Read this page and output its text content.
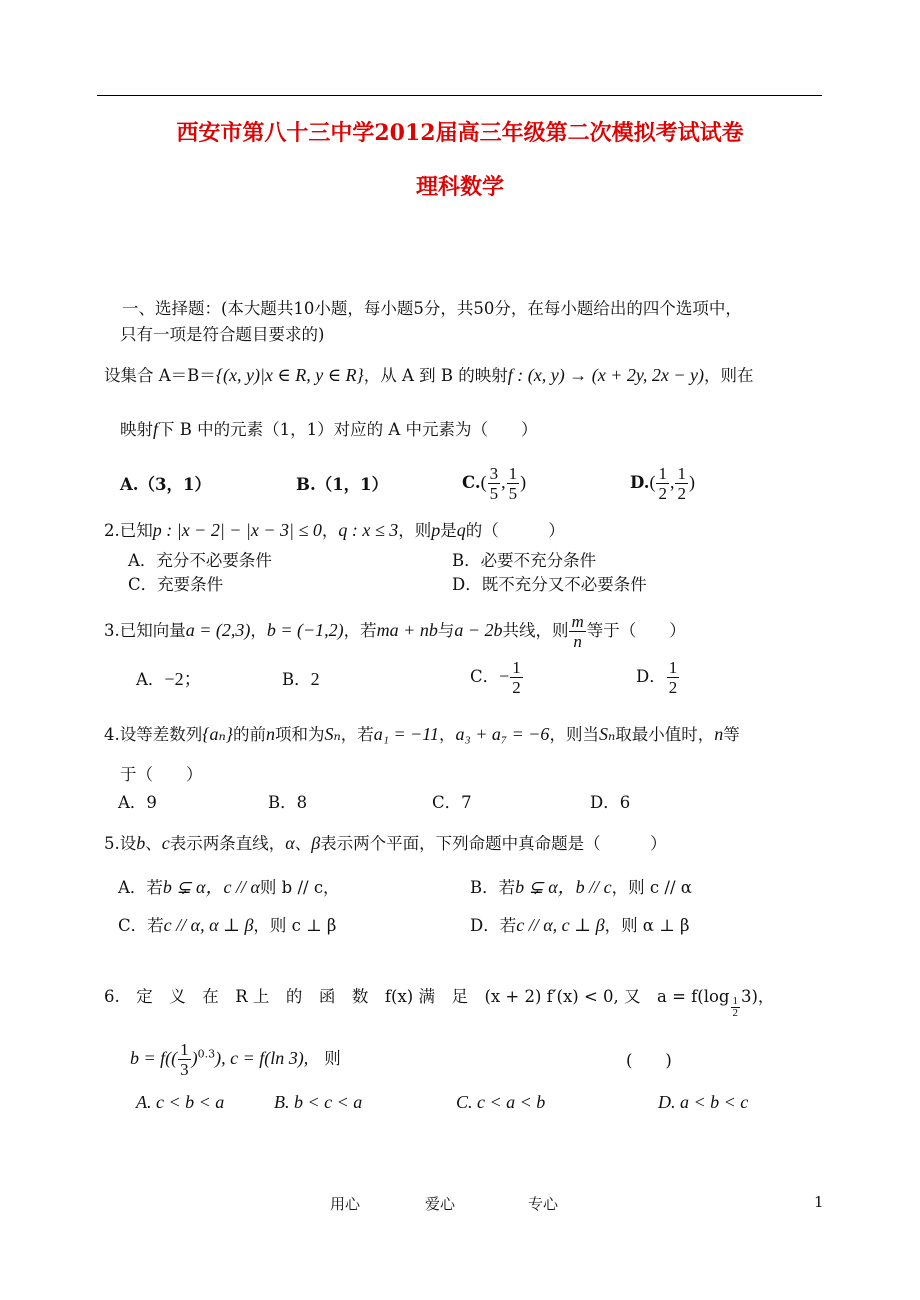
西安市第八十三中学2012届高三年级第二次模拟考试试卷
理科数学
一、选择题：(本大题共10小题，每小题5分，共50分，在每小题给出的四个选项中，
只有一项是符合题目要求的)
设集合 A＝B＝{(x, y)|x ∈ R, y ∈ R}，从 A 到 B 的映射f : (x, y) → (x + 2y, 2x − y)，则在
映射f下 B 中的元素（1，1）对应的 A 中元素为（　　）
A.（3，1）	B.（1，1）	$C.( \frac{3}{5}$ , $\frac{1}{5}$ )	$D.( \frac{1}{2}$ , $\frac{1}{2}$ )
2.已知p : |x − 2| − |x − 3| ≤ 0，q : x ≤ 3，则p是q的（　　　）
A．充分不必要条件	B．必要不充分条件
C．充要条件	D．既不充分又不必要条件
3.已知向量a = (2,3)，b = (−1,2)，若ma + nb与a − 2b共线，则 $\frac{m}{n}$ 等于（　　）
A．−2；	B．2	C．− $\frac{1}{2}$	D． $\frac{1}{2}$
4.设等差数列{aₙ}的前n项和为Sₙ，若a₁ = −11，a₃ + a₇ = −6，则当Sₙ取最小值时，n等
于（　　）
A．9	B．8	C．7	D．6
5.设b、c表示两条直线，α、β表示两个平面，下列命题中真命题是（　　　）
A．若b ⊊ α，c // α则 b // c，	B．若b ⊊ α，b // c，则 c // α
C．若c // α, α ⊥ β，则 c ⊥ β	D．若c // α, c ⊥ β，则 α ⊥ β
6.　定　义　在　R 上　的　函　数　f(x) 满　足　(x + 2) f′(x) < 0, 又　$a = f(\log \frac{1}{2} 3)$，
$b = f(( \frac{1}{3} )^{0.3})$, c = f(ln 3), 则	(　　)
A. c < b < a	B. b < c < a	C. c < a < b	D. a < b < c
用心	爱心	专心	1
